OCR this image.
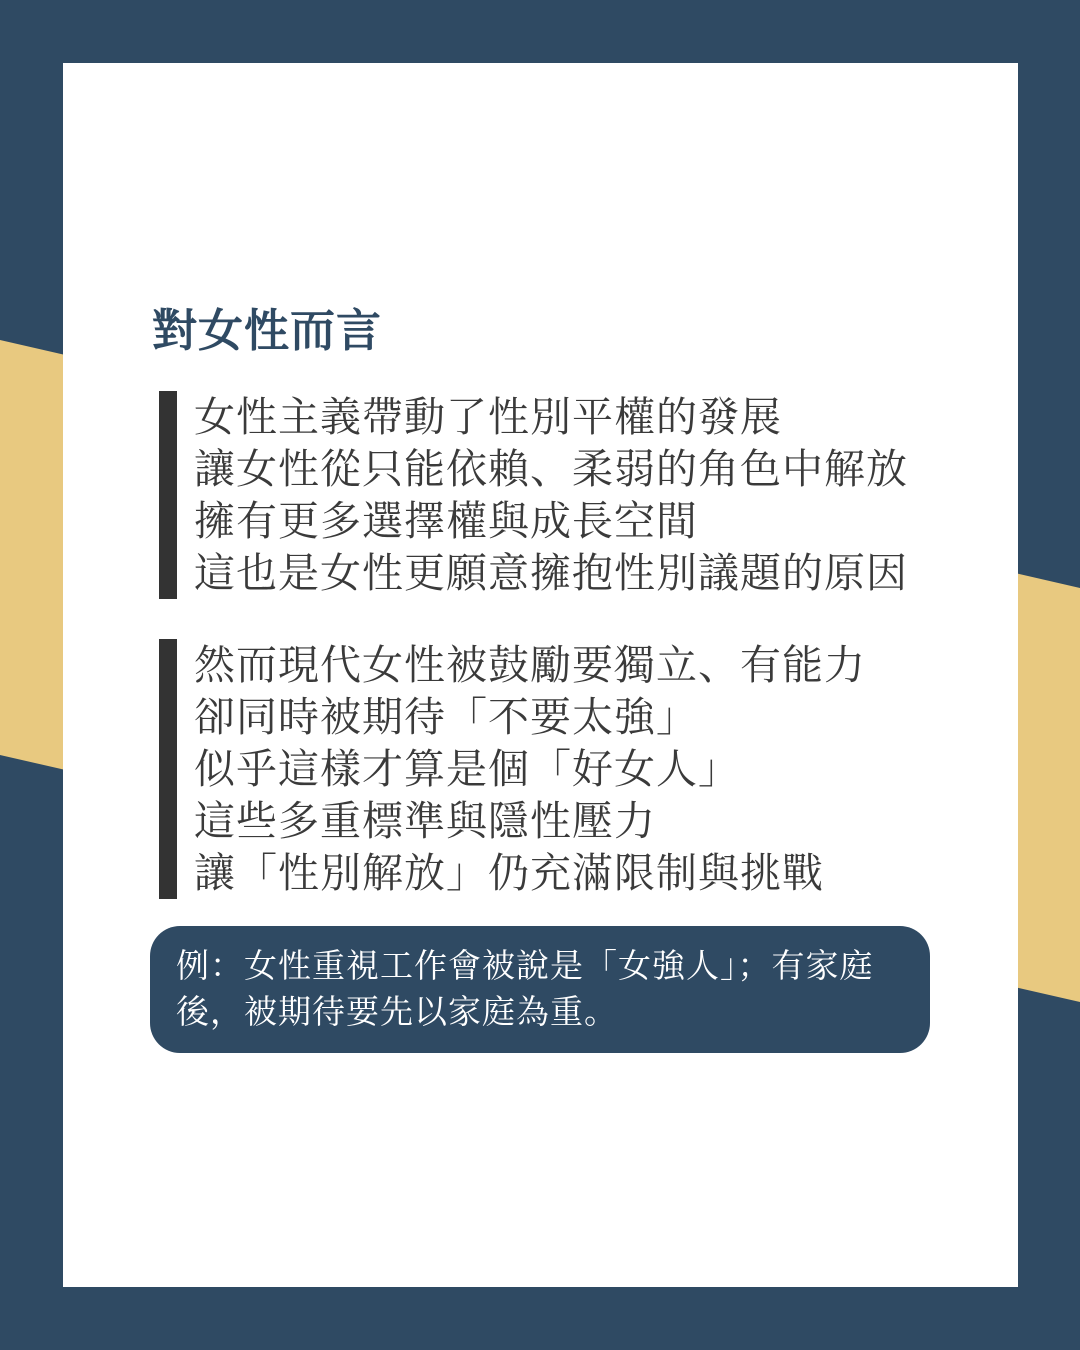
對女性而言
女性主義帶動了性別平權的發展
讓女性從只能依賴、柔弱的角色中解放
擁有更多選擇權與成長空間
這也是女性更願意擁抱性別議題的原因
然而現代女性被鼓勵要獨立、有能力
卻同時被期待「不要太強」
似乎這樣才算是個「好女人」
這些多重標準與隱性壓力
讓「性別解放」仍充滿限制與挑戰
例：女性重視工作會被說是「女強人」；有家庭後，被期待要先以家庭為重。
